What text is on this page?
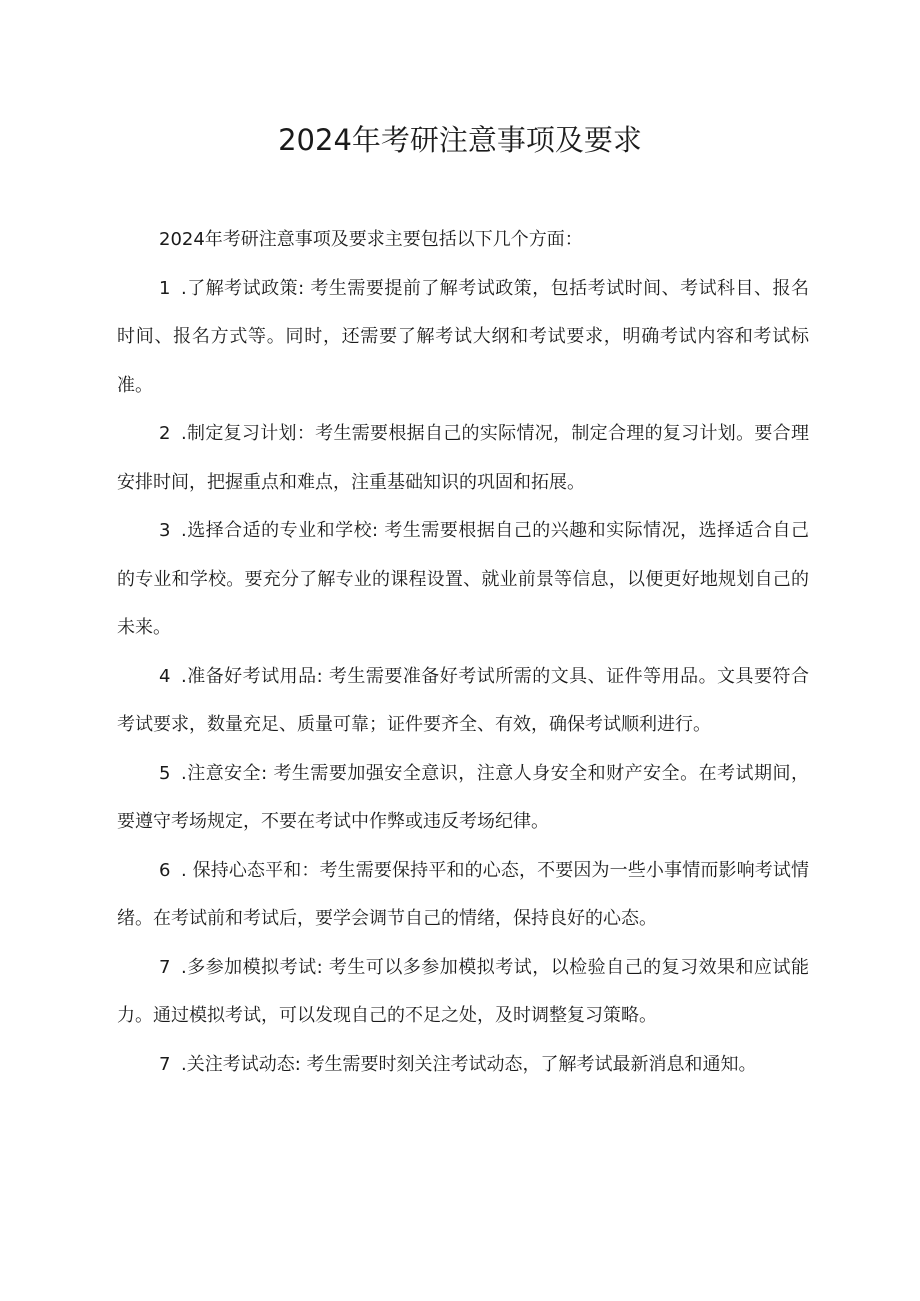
2024年考研注意事项及要求

2024年考研注意事项及要求主要包括以下几个方面：

1 .了解考试政策: 考生需要提前了解考试政策，包括考试时间、考试科目、报名时间、报名方式等。同时，还需要了解考试大纲和考试要求，明确考试内容和考试标准。

2 .制定复习计划：考生需要根据自己的实际情况，制定合理的复习计划。要合理安排时间，把握重点和难点，注重基础知识的巩固和拓展。

3 .选择合适的专业和学校: 考生需要根据自己的兴趣和实际情况，选择适合自己的专业和学校。要充分了解专业的课程设置、就业前景等信息，以便更好地规划自己的未来。

4 .准备好考试用品: 考生需要准备好考试所需的文具、证件等用品。文具要符合考试要求，数量充足、质量可靠；证件要齐全、有效，确保考试顺利进行。

5 .注意安全: 考生需要加强安全意识，注意人身安全和财产安全。在考试期间，要遵守考场规定，不要在考试中作弊或违反考场纪律。

6 . 保持心态平和：考生需要保持平和的心态，不要因为一些小事情而影响考试情绪。在考试前和考试后，要学会调节自己的情绪，保持良好的心态。

7 .多参加模拟考试: 考生可以多参加模拟考试，以检验自己的复习效果和应试能力。通过模拟考试，可以发现自己的不足之处，及时调整复习策略。

7 .关注考试动态: 考生需要时刻关注考试动态，了解考试最新消息和通知。
